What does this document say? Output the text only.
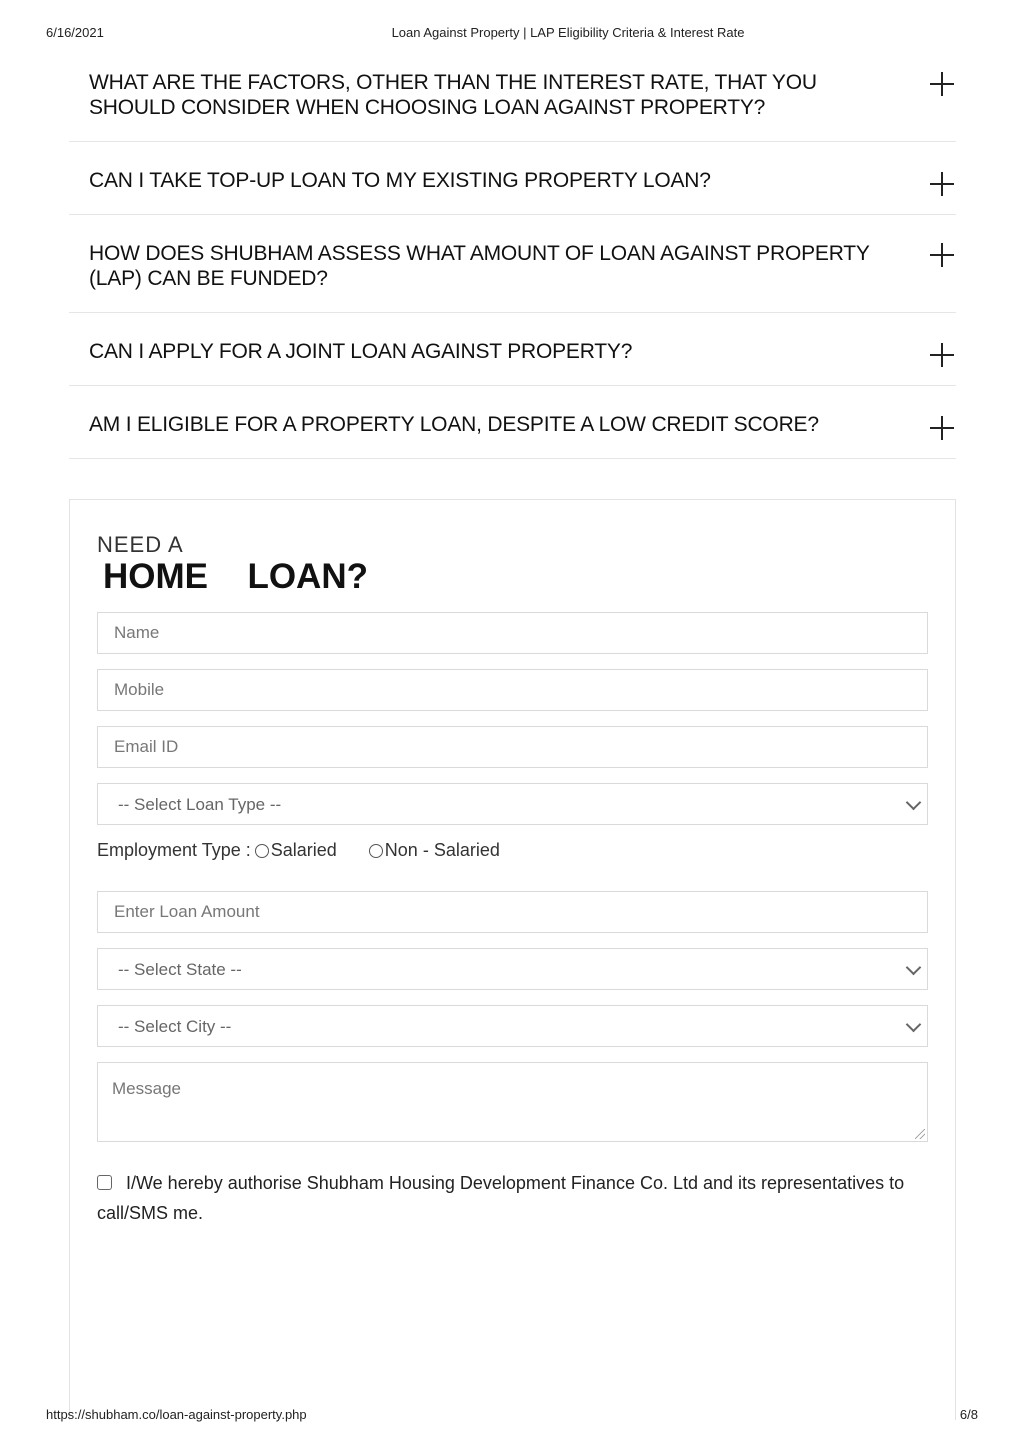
6/16/2021	Loan Against Property | LAP Eligibility Criteria & Interest Rate
WHAT ARE THE FACTORS, OTHER THAN THE INTEREST RATE, THAT YOU SHOULD CONSIDER WHEN CHOOSING LOAN AGAINST PROPERTY?
CAN I TAKE TOP-UP LOAN TO MY EXISTING PROPERTY LOAN?
HOW DOES SHUBHAM ASSESS WHAT AMOUNT OF LOAN AGAINST PROPERTY (LAP) CAN BE FUNDED?
CAN I APPLY FOR A JOINT LOAN AGAINST PROPERTY?
AM I ELIGIBLE FOR A PROPERTY LOAN, DESPITE A LOW CREDIT SCORE?
NEED A
HOME  LOAN?
Name
Mobile
Email ID
-- Select Loan Type --
Employment Type : Salaried	Non - Salaried
Enter Loan Amount
-- Select State --
-- Select City --
Message
I/We hereby authorise Shubham Housing Development Finance Co. Ltd and its representatives to call/SMS me.
https://shubham.co/loan-against-property.php	6/8
